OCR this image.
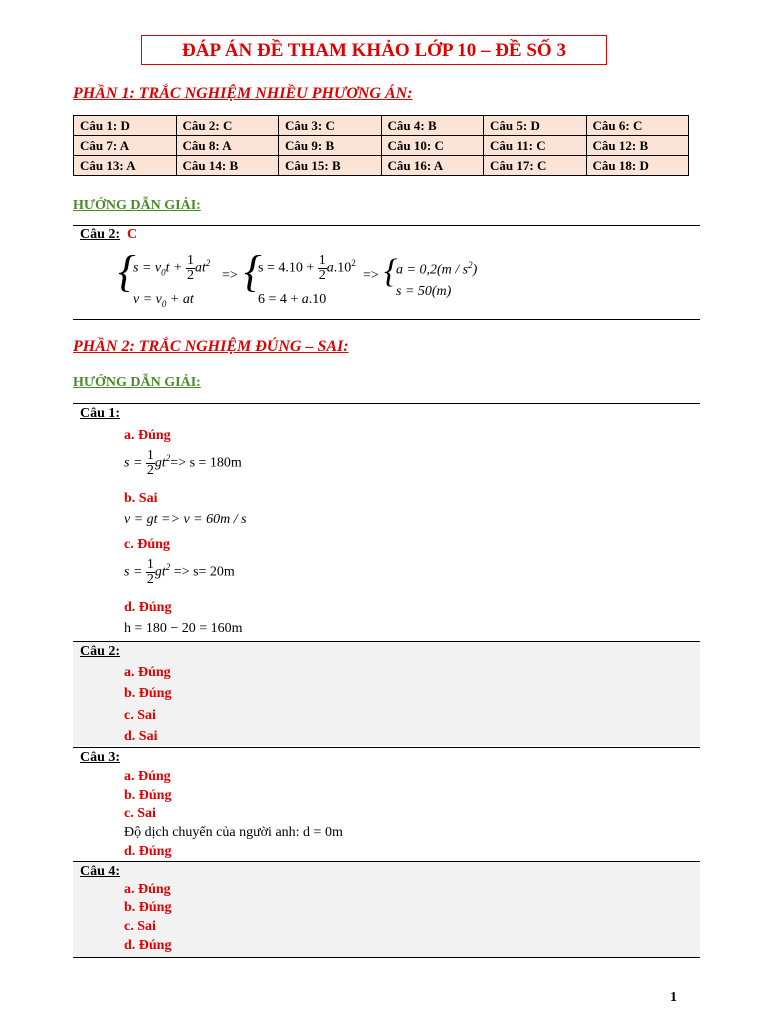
ĐÁP ÁN ĐỀ THAM KHẢO LỚP 10 – ĐỀ SỐ 3
PHẦN 1: TRẮC NGHIỆM NHIỀU PHƯƠNG ÁN:
Câu 1: D	Câu 2: C	Câu 3: C	Câu 4: B	Câu 5: D	Câu 6: C
Câu 7: A	Câu 8: A	Câu 9: B	Câu 10: C	Câu 11: C	Câu 12: B
Câu 13: A	Câu 14: B	Câu 15: B	Câu 16: A	Câu 17: C	Câu 18: D
HƯỚNG DẪN GIẢI:
Câu 2: C
{
$s = v_0t + \frac{1}{2} at^2$
$v = v_0$ + at
=> {
$s = 4.10 + \frac{1}{2} a.10^2$
6 = 4 + a.10
=> {
$a = 0,2(m / s^2)$
s = 50(m)
PHẦN 2: TRẮC NGHIỆM ĐÚNG – SAI:
HƯỚNG DẪN GIẢI:
Câu 1:
a. Đúng
$s = \frac{1}{2} gt^2=> s = 180m$
b. Sai
v = gt => v = 60m / s
c. Đúng
$s = \frac{1}{2} gt^2 => s= 20m$
d. Đúng
h = 180 − 20 = 160m
Câu 2:
a. Đúng
b. Đúng
c. Sai
d. Sai
Câu 3:
a. Đúng
b. Đúng
c. Sai
Độ dịch chuyển của người anh: d = 0m
d. Đúng
Câu 4:
a. Đúng
b. Đúng
c. Sai
d. Đúng
1
